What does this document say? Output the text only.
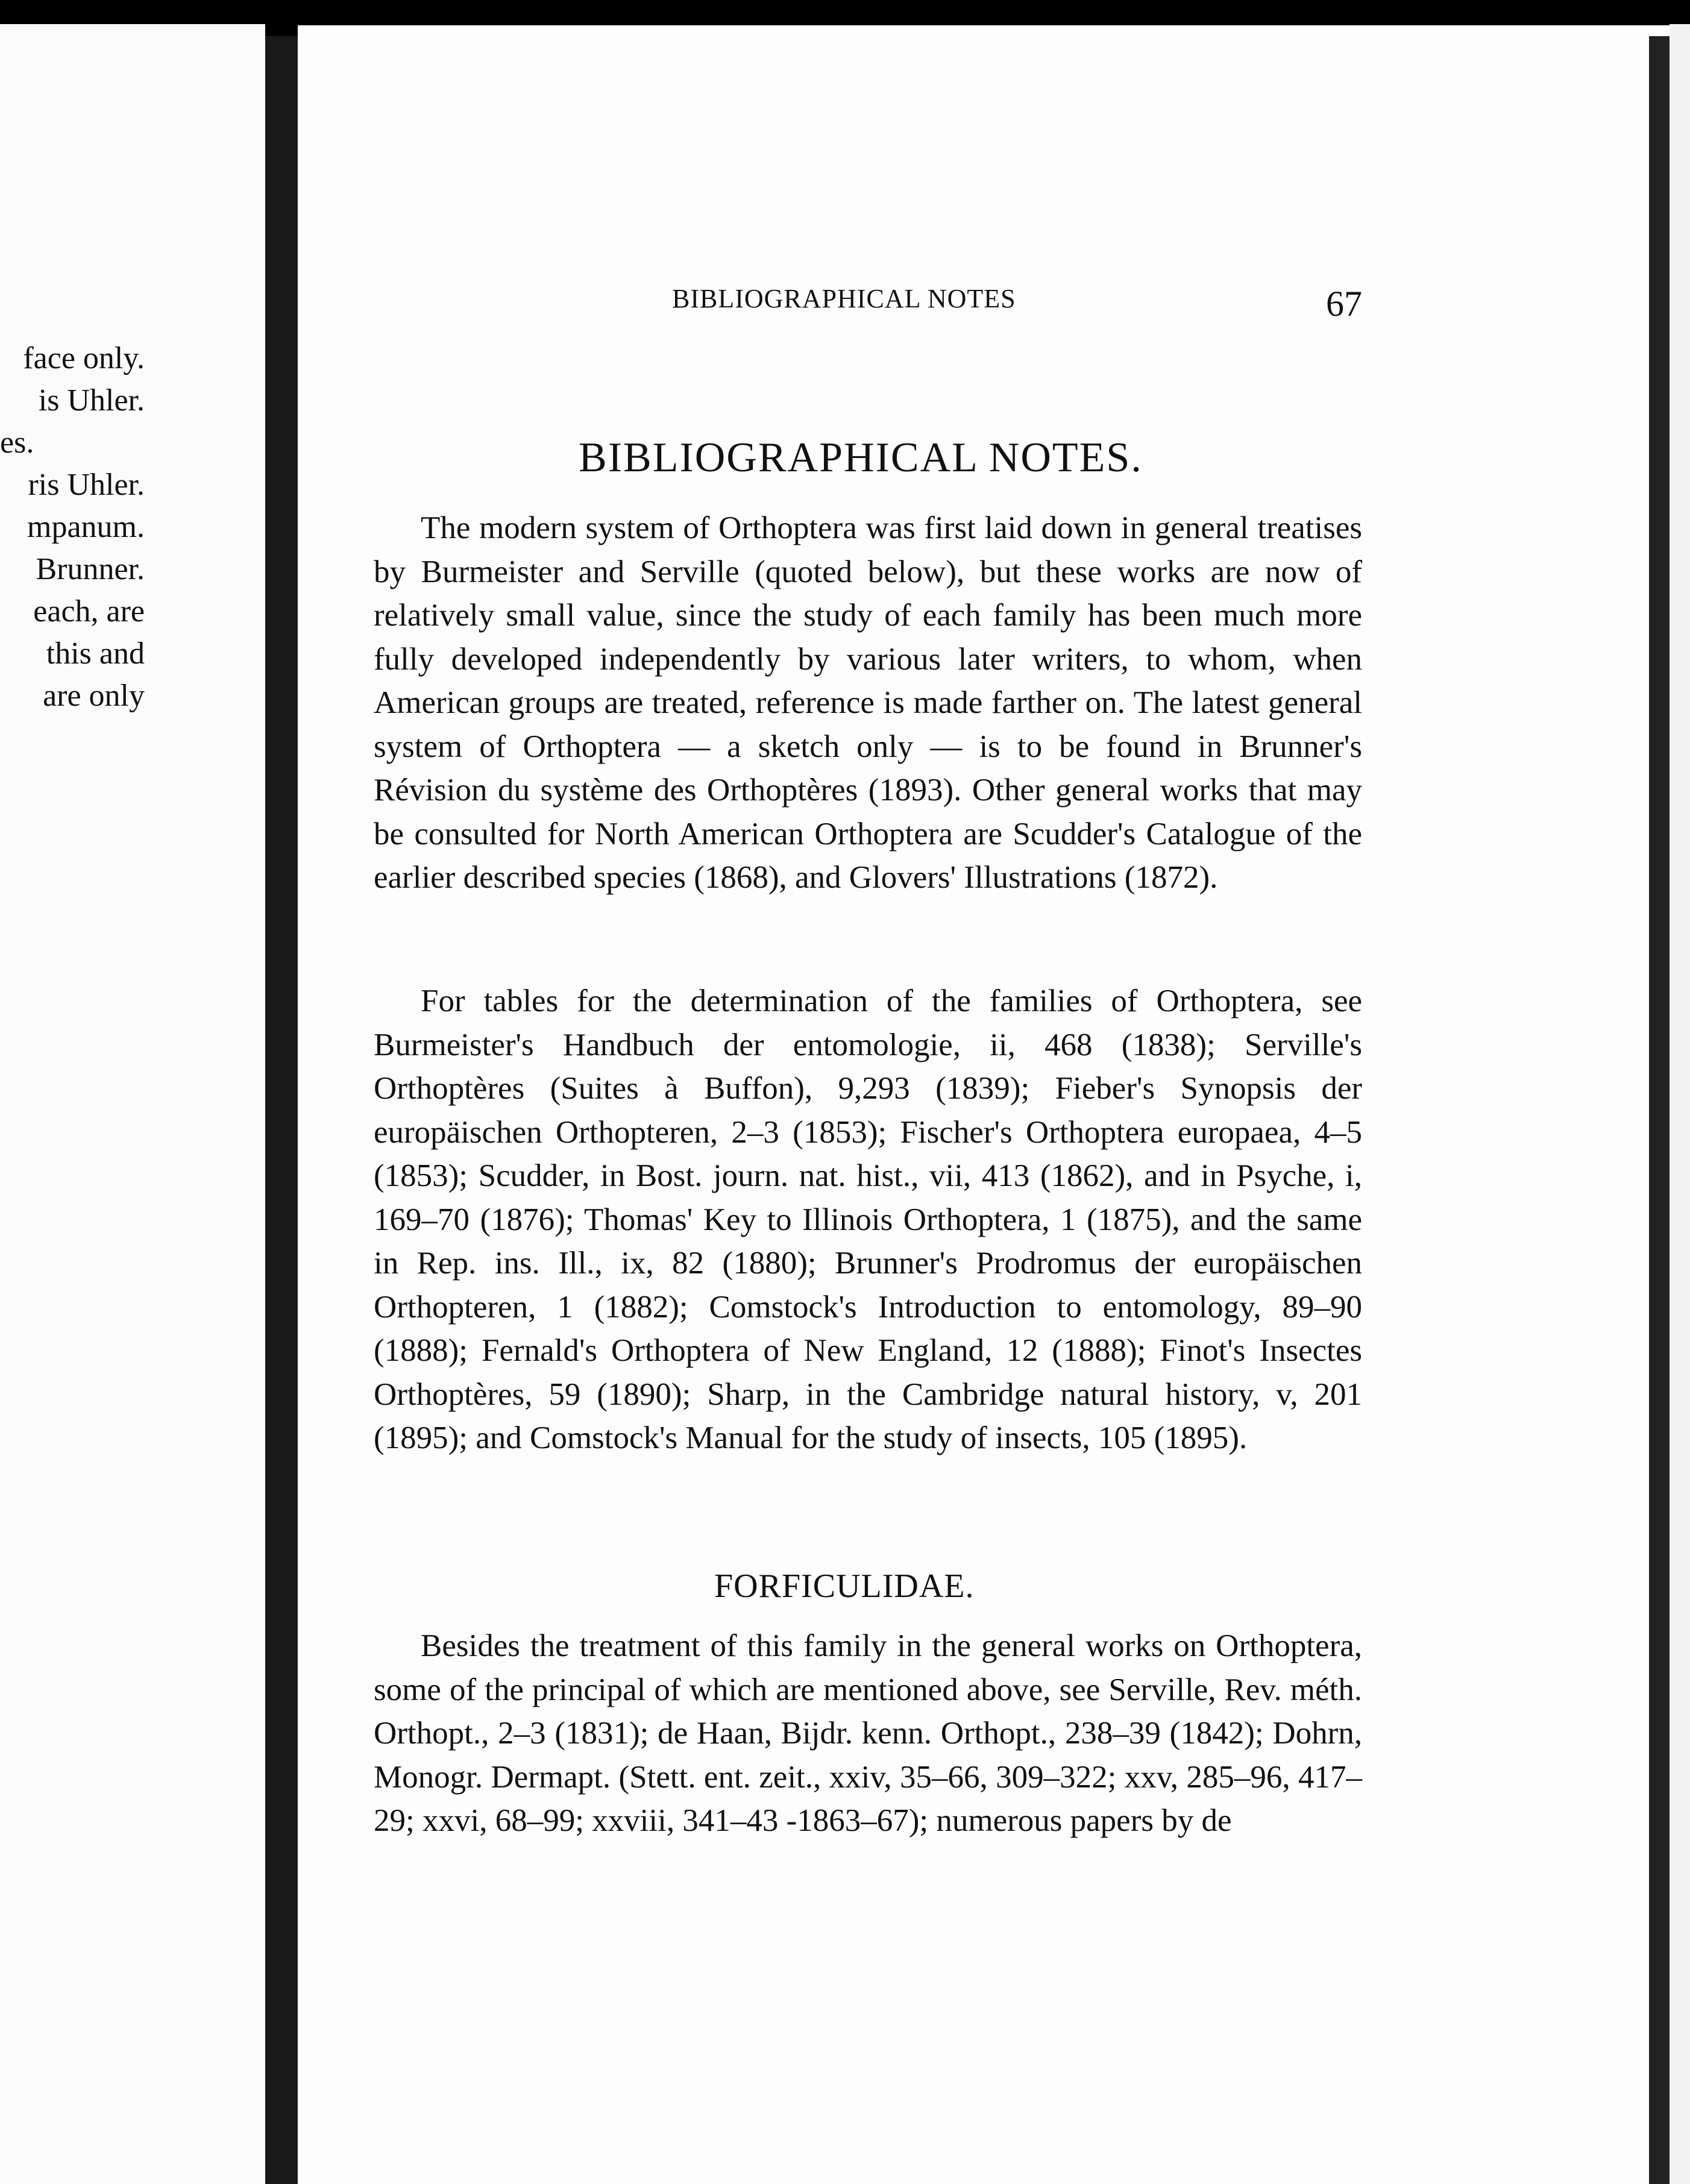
face only.
is Uhler.
es.
ris Uhler.
mpanum.
Brunner.
each, are
this and
are only
BIBLIOGRAPHICAL NOTES	67
BIBLIOGRAPHICAL NOTES.

The modern system of Orthoptera was first laid down in general treatises by Burmeister and Serville (quoted below), but these works are now of relatively small value, since the study of each family has been much more fully developed independently by various later writers, to whom, when American groups are treated, reference is made farther on. The latest general system of Orthoptera — a sketch only — is to be found in Brunner's Révision du système des Orthoptères (1893). Other general works that may be consulted for North American Orthoptera are Scudder's Catalogue of the earlier described species (1868), and Glovers' Illustrations (1872).

For tables for the determination of the families of Orthoptera, see Burmeister's Handbuch der entomologie, ii, 468 (1838); Serville's Orthoptères (Suites à Buffon), 9,293 (1839); Fieber's Synopsis der europäischen Orthopteren, 2–3 (1853); Fischer's Orthoptera europaea, 4–5 (1853); Scudder, in Bost. journ. nat. hist., vii, 413 (1862), and in Psyche, i, 169–70 (1876); Thomas' Key to Illinois Orthoptera, 1 (1875), and the same in Rep. ins. Ill., ix, 82 (1880); Brunner's Prodromus der europäischen Orthopteren, 1 (1882); Comstock's Introduction to entomology, 89–90 (1888); Fernald's Orthoptera of New England, 12 (1888); Finot's Insectes Orthoptères, 59 (1890); Sharp, in the Cambridge natural history, v, 201 (1895); and Comstock's Manual for the study of insects, 105 (1895).

FORFICULIDAE.

Besides the treatment of this family in the general works on Orthoptera, some of the principal of which are mentioned above, see Serville, Rev. méth. Orthopt., 2–3 (1831); de Haan, Bijdr. kenn. Orthopt., 238–39 (1842); Dohrn, Monogr. Dermapt. (Stett. ent. zeit., xxiv, 35–66, 309–322; xxv, 285–96, 417–29; xxvi, 68–99; xxviii, 341–43 -1863–67); numerous papers by de
